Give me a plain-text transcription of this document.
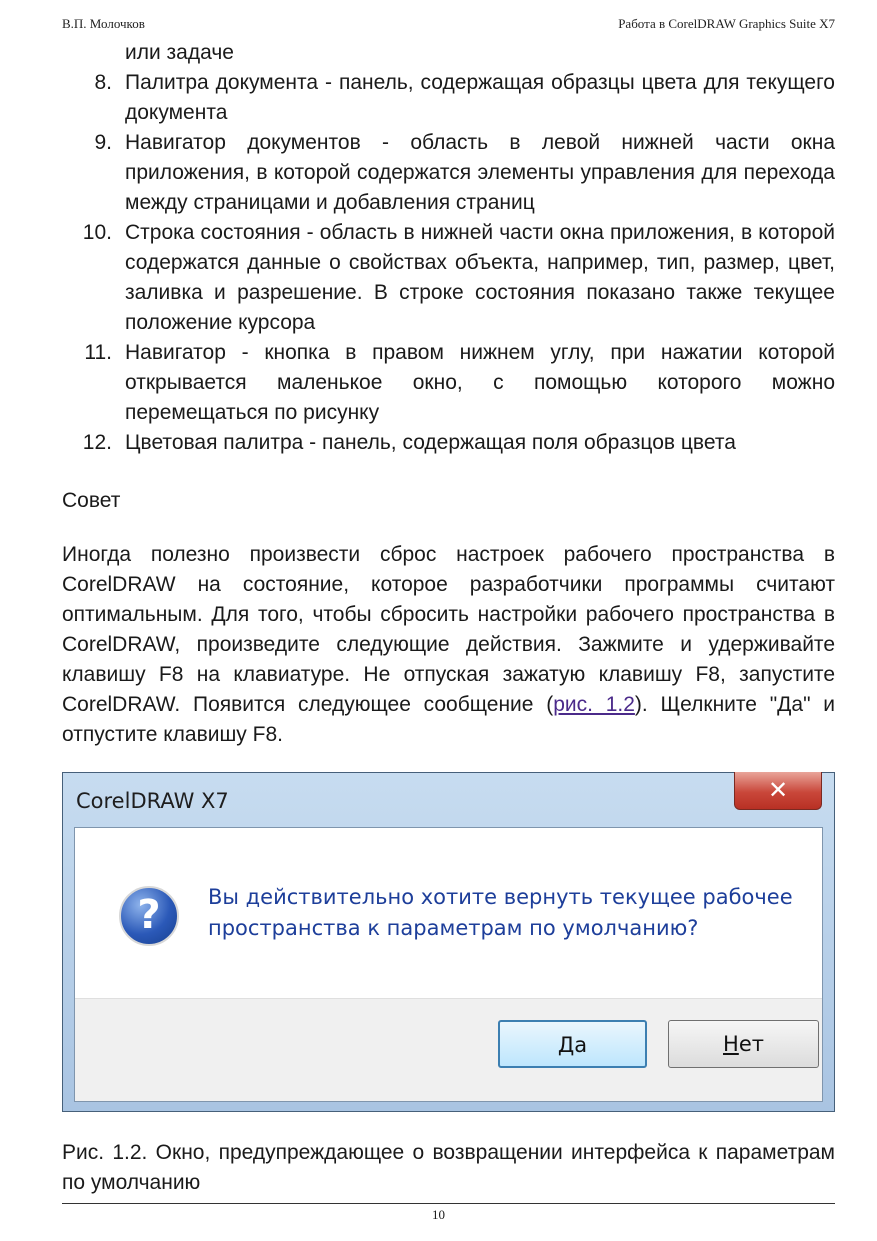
В.П. Молочков	Работа в CorelDRAW Graphics Suite X7
или задаче
8. Палитра документа - панель, содержащая образцы цвета для текущего документа
9. Навигатор документов - область в левой нижней части окна приложения, в которой содержатся элементы управления для перехода между страницами и добавления страниц
10. Строка состояния - область в нижней части окна приложения, в которой содержатся данные о свойствах объекта, например, тип, размер, цвет, заливка и разрешение. В строке состояния показано также текущее положение курсора
11. Навигатор - кнопка в правом нижнем углу, при нажатии которой открывается маленькое окно, с помощью которого можно перемещаться по рисунку
12. Цветовая палитра - панель, содержащая поля образцов цвета
Совет
Иногда полезно произвести сброс настроек рабочего пространства в CorelDRAW на состояние, которое разработчики программы считают оптимальным. Для того, чтобы сбросить настройки рабочего пространства в CorelDRAW, произведите следующие действия. Зажмите и удерживайте клавишу F8 на клавиатуре. Не отпуская зажатую клавишу F8, запустите CorelDRAW. Появится следующее сообщение (рис. 1.2). Щелкните "Да" и отпустите клавишу F8.
CorelDRAW X7	✕
?	Вы действительно хотите вернуть текущее рабочее
пространства к параметрам по умолчанию?
Да	Нет
Рис. 1.2. Окно, предупреждающее о возвращении интерфейса к параметрам по умолчанию
10
